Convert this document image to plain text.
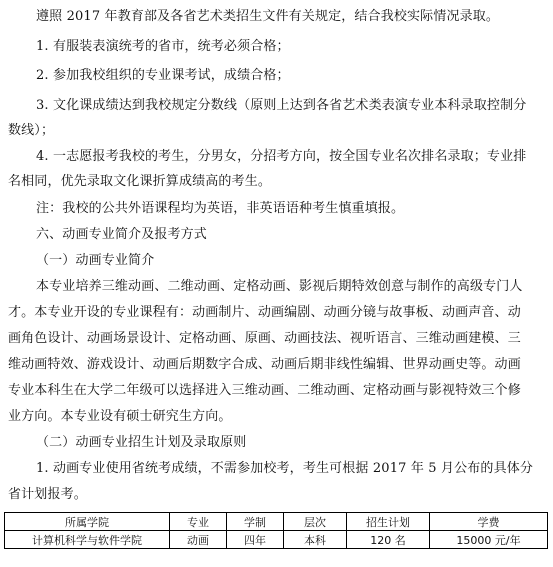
遵照 2017 年教育部及各省艺术类招生文件有关规定，结合我校实际情况录取。
1. 有服装表演统考的省市，统考必须合格；
2. 参加我校组织的专业课考试，成绩合格；
3. 文化课成绩达到我校规定分数线（原则上达到各省艺术类表演专业本科录取控制分
数线）；
4. 一志愿报考我校的考生，分男女，分招考方向，按全国专业名次排名录取；专业排
名相同，优先录取文化课折算成绩高的考生。
注：我校的公共外语课程均为英语，非英语语种考生慎重填报。
六、动画专业简介及报考方式
（一）动画专业简介
本专业培养三维动画、二维动画、定格动画、影视后期特效创意与制作的高级专门人
才。本专业开设的专业课程有：动画制片、动画编剧、动画分镜与故事板、动画声音、动
画角色设计、动画场景设计、定格动画、原画、动画技法、视听语言、三维动画建模、三
维动画特效、游戏设计、动画后期数字合成、动画后期非线性编辑、世界动画史等。动画
专业本科生在大学二年级可以选择进入三维动画、二维动画、定格动画与影视特效三个修
业方向。本专业设有硕士研究生方向。
（二）动画专业招生计划及录取原则
1. 动画专业使用省统考成绩，不需参加校考，考生可根据 2017 年 5 月公布的具体分
省计划报考。
所属学院	专业	学制	层次	招生计划	学费
计算机科学与软件学院	动画	四年	本科	120 名	15000 元/年
